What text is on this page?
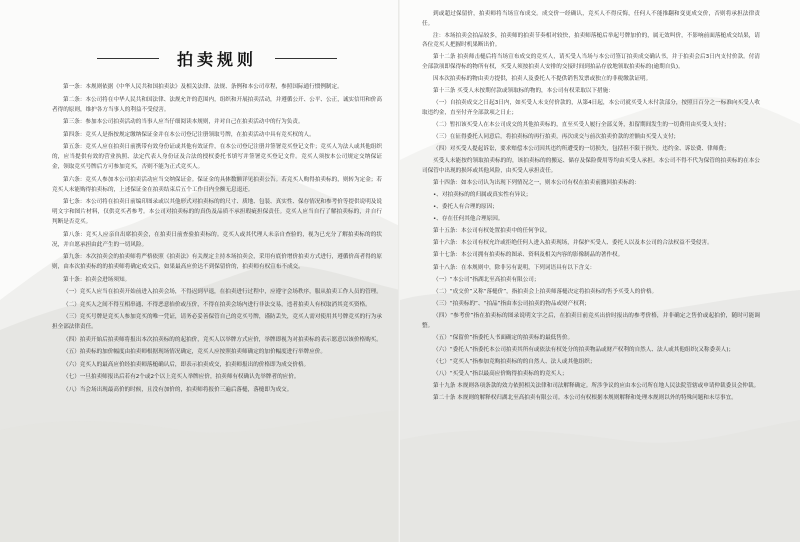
拍卖规则

第一条：本规则依据《中华人民共和国拍卖法》及相关法律、法规、条例和本公司章程，参照国际通行惯例制定。

第二条：本公司将在中华人民共和国法律、法规允许的范围内，组织和开展拍卖活动，并遵循公开、公平、公正，诚实信用和价高者得的原则，维护各方当事人的利益不受侵害。

第三条：参加本公司拍卖活动的当事人应当仔细阅读本规则，并对自己在拍卖活动中的行为负责。

第四条：竞买人是指按规定缴纳保证金并在本公司登记注册领取号牌，在拍卖活动中具有竞买权的人。

第五条：竞买人应在拍卖日前携带有效身份证或其他有效证件，在本公司登记注册并签署竞买登记文件；竞买人为法人或其他组织的，应当提供有效的营业执照、法定代表人身份证及合法的授权委托书填写并签署竞买登记文件。竞买人须按本公司规定交纳保证金，领取竞买号牌后方可参加竞买，否则不能为正式竞买人。

第六条：竞买人参加本公司拍卖活动应当交纳保证金。保证金的具体数额详见拍卖公告。若竞买人购得拍卖标的，则转为定金；若竞买人未能购得拍卖标的，上述保证金在拍卖结束后五个工作日内全额无息退还。

第七条：本公司将在拍卖日前编印图录或以其他形式对拍卖标的的尺寸、质地、包装、真实性、保存情况和参考价等提供说明及说明文字和图片材料，仅供竞买者参考。本公司对拍卖标的的真伪及品质不承担瑕疵担保责任。竞买人应当自行了解拍卖标的，并自行判断是否竞买。

第八条：竞买人应亲自出席拍卖会，在拍卖日前查验拍卖标的。竞买人或其代理人未亲自查验的，视为已充分了解拍卖标的的状况，并自愿承担由此产生的一切风险。

第九条：本次拍卖会的拍卖师将严格依照《拍卖法》有关规定主持本场拍卖会，采用有底价增价拍卖方式进行，遵循价高者得的原则，由本次拍卖标的的拍卖师将确定成交后，如果最高应价达不到保留价的，拍卖师有权宣布不成交。

第十条：拍卖会进场须知。

（一）竞买人应当在拍卖开始前进入拍卖会场，不得迟到早退，在拍卖进行过程中，应遵守会场秩序，服从拍卖工作人员的管理。

（二）竞买人之间不得互相串通、不得恶意抬价或压价，不得在拍卖会场内进行非法交易，违者拍卖人有权取消其竞买资格。

（三）竞买号牌是竞买人参加竞买的唯一凭证，请务必妥善保管自己的竞买号牌，谨防丢失，竞买人需对使用其号牌竞买的行为承担全部法律责任。

（四）拍卖开始后拍卖师将报出本次拍卖标的的起拍价，竞买人以举牌方式应价，举牌即视为对拍卖标的表示愿意以该价格购买。

（五）拍卖标的加价幅度由拍卖师根据现场情况确定，竞买人应按照拍卖师确定的加价幅度进行举牌应价。

（六）竞买人的最高应价经拍卖师落槌确认后，即表示拍卖成交，拍卖师报出的价格即为成交价格。

（七）一旦拍卖师报出后若有2个或2个以上竞买人举牌应价，拍卖师有权确认先举牌者的应价。

（八）当会场出现最高价的时候，且没有加价的，拍卖师将报价三遍后落槌，落槌即为成交。

到或超过保留价，拍卖师将当场宣布成交。成交价一经确认，竞买人不得反悔，任何人不能推翻和变更成交价，否则将承担法律责任。

注：本场拍卖会拍品较多，拍卖师的拍卖节奏相对较快，拍卖师落槌后举起号牌加价的，属无效叫价，不影响前面落槌成交结果，请各位竞买人把握时机果断出价。

第十二条 拍卖师击槌后将当场宣布成交的竞买人，请买受人当场与本公司签订拍卖成交确认书，并于拍卖会后3日内支付价款。付清全部款项即保得标的物所有权，买受人须按拍卖人安排的交接时间到拍品存放地领取拍卖标的(逾期自负)。

因本次拍卖标的物由卖方提供，拍卖人及委托人不提供销售发票或独立的非税缴款证明。

第十三条 买受人未按期付款或领取标的物的，本公司有权采取以下措施：

（一）自拍卖成交之日起3日内，如买受人未支付价款的，从第4日起，本公司就买受人未付款部分，按照日百分之一标准向买受人收取违约金，直至付齐全部款项之日止；

（二）暂扣该买受人在本公司成交的其他拍卖标的，直至买受人履行全部义务，扣留期间发生的一切费用由买受人支付；

（三）在征得委托人同意后，将拍卖标的再行拍卖，再次成交与前次拍卖价款的差额由买受人支付；

（四）对买受人提起诉讼，要求赔偿本公司因其违约所遭受的一切损失，包括但不限于损失、违约金、诉讼费、律师费；

买受人未能按约领取拍卖标的的，该拍卖标的的搬运、储存及保险费用等均由买受人承担。本公司不得不代为保管的拍卖标的在本公司保管中出现的损坏或其他风险，由买受人承担责任。

第十四条：如本公司认为出现下列情况之一，则本公司有权在拍卖前撤回拍卖标的：

•、对拍卖标的的归属或真实性有异议；

•、委托人有合理的原因；

•、存在任何其他合理原因。

第十五条：本公司有权处置拍卖中的任何争议。

第十六条：本公司有权允许或拒绝任何人进入拍卖现场，并保护买受人、委托人以及本公司的合法权益不受侵害。

第十七条：本公司拥有拍卖标的图录、资料及相关内容的影像制品的著作权。

第十八条：在本规则中，除非另有说明，下列词语具有以下含义：

（一）“本公司”指湖北至高拍卖有限公司；

（二）“成交价”又称“落槌价”，指拍卖会上拍卖师落槌决定将拍卖标的售予买受人的价格。

（三）“拍卖标的”、“拍品”指由本公司拍卖的物品或财产权利；

（四）“参考价”指在拍卖标的图录说明文字之后，在拍卖日前竞买出价时报出的参考价格，并非确定之售价或起拍价，随时可能调整。

（五）“保留价”指委托人书面确定的拍卖标的最低售价。

（六）“委托人”指委托本公司拍卖其所有或依法有权处分的拍卖物品或财产权利的自然人、法人或其他组织(又称委卖人)；

（七）“竞买人”指参加竞购拍卖标的的自然人、法人或其他组织；

（八）“买受人”指以最高应价购得拍卖标的的竞买人；

第十九条 本规则各项条款的效力依照相关法律和司法解释确定。所涉争议的应由本公司所在地人民法院管辖或申请仲裁委员会仲裁。

第二十条 本规则的解释权归湖北至高拍卖有限公司。本公司有权根据本规则解释和处理本规则以外的特殊问题和未尽事宜。
